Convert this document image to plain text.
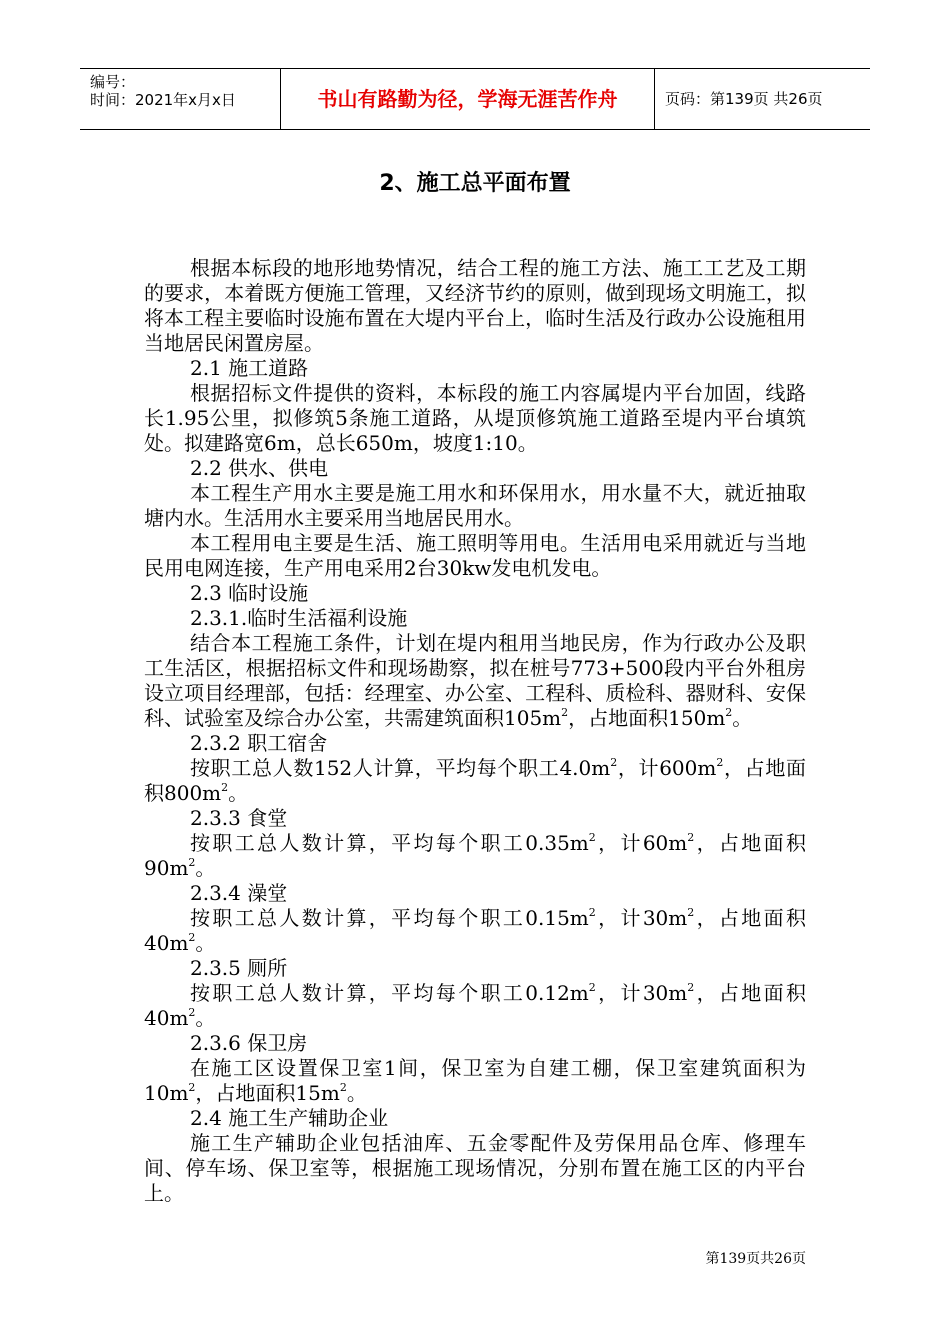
编号：
时间：2021年x月x日	书山有路勤为径，学海无涯苦作舟	页码：第139页 共26页
2、施工总平面布置

根据本标段的地形地势情况，结合工程的施工方法、施工工艺及工期的要求，本着既方便施工管理，又经济节约的原则，做到现场文明施工，拟将本工程主要临时设施布置在大堤内平台上，临时生活及行政办公设施租用当地居民闲置房屋。

2.1 施工道路

根据招标文件提供的资料，本标段的施工内容属堤内平台加固，线路长1.95公里，拟修筑5条施工道路，从堤顶修筑施工道路至堤内平台填筑处。拟建路宽6m，总长650m，坡度1:10。

2.2 供水、供电

本工程生产用水主要是施工用水和环保用水，用水量不大，就近抽取塘内水。生活用水主要采用当地居民用水。

本工程用电主要是生活、施工照明等用电。生活用电采用就近与当地民用电网连接，生产用电采用2台30kw发电机发电。

2.3 临时设施

2.3.1.临时生活福利设施

结合本工程施工条件，计划在堤内租用当地民房，作为行政办公及职工生活区，根据招标文件和现场勘察，拟在桩号773+500段内平台外租房设立项目经理部，包括：经理室、办公室、工程科、质检科、器财科、安保科、试验室及综合办公室，共需建筑面积$105m^2$，占地面积$150m^2$。

2.3.2 职工宿舍

按职工总人数152人计算，平均每个职工$4.0m^2$，计$600m^2$，占地面积$800m^2$。

2.3.3 食堂

按职工总人数计算，平均每个职工$0.35m^2$，计$60m^2$，占地面积$90m^2$。

2.3.4 澡堂

按职工总人数计算，平均每个职工$0.15m^2$，计$30m^2$，占地面积$40m^2$。

2.3.5 厕所

按职工总人数计算，平均每个职工$0.12m^2$，计$30m^2$，占地面积$40m^2$。

2.3.6 保卫房

在施工区设置保卫室1间，保卫室为自建工棚，保卫室建筑面积为$10m^2$，占地面积$15m^2$。

2.4 施工生产辅助企业

施工生产辅助企业包括油库、五金零配件及劳保用品仓库、修理车间、停车场、保卫室等，根据施工现场情况，分别布置在施工区的内平台上。

第139页共26页
